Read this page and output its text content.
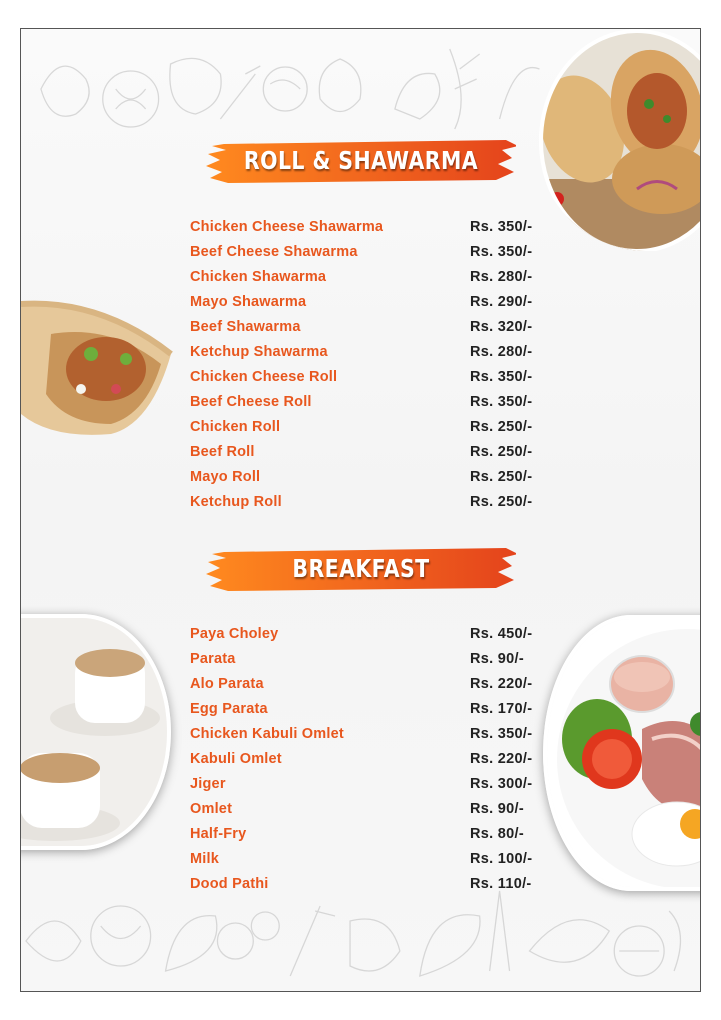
ROLL & SHAWARMA
Chicken Cheese Shawarma	Rs. 350/-
Beef Cheese Shawarma	Rs. 350/-
Chicken Shawarma	Rs. 280/-
Mayo Shawarma	Rs. 290/-
Beef Shawarma	Rs. 320/-
Ketchup Shawarma	Rs. 280/-
Chicken Cheese Roll	Rs. 350/-
Beef Cheese Roll	Rs. 350/-
Chicken Roll	Rs. 250/-
Beef Roll	Rs. 250/-
Mayo Roll	Rs. 250/-
Ketchup Roll	Rs. 250/-
BREAKFAST
Paya Choley	Rs. 450/-
Parata	Rs. 90/-
Alo Parata	Rs. 220/-
Egg Parata	Rs. 170/-
Chicken Kabuli Omlet	Rs. 350/-
Kabuli Omlet	Rs. 220/-
Jiger	Rs. 300/-
Omlet	Rs. 90/-
Half-Fry	Rs. 80/-
Milk	Rs. 100/-
Dood Pathi	Rs. 110/-
